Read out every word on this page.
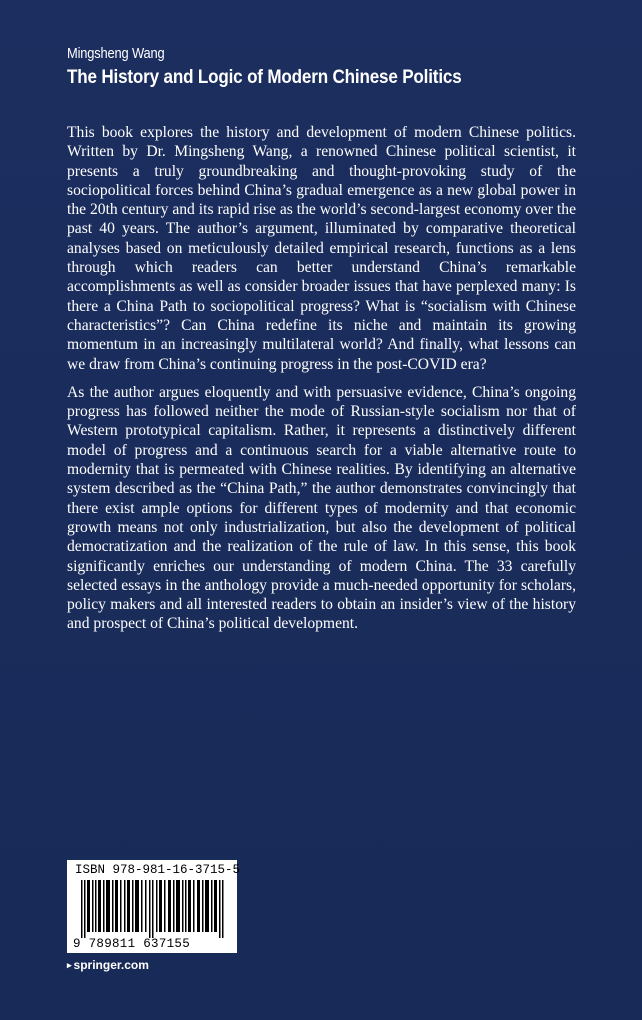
Mingsheng Wang
The History and Logic of Modern Chinese Politics

This book explores the history and development of modern Chinese politics. Written by Dr. Mingsheng Wang, a renowned Chinese political scientist, it presents a truly groundbreaking and thought-provoking study of the sociopolitical forces behind China’s gradual emergence as a new global power in the 20th century and its rapid rise as the world’s second-largest economy over the past 40 years. The author’s argument, illuminated by comparative theoretical analyses based on meticulously detailed empirical research, functions as a lens through which readers can better understand China’s remarkable accomplishments as well as consider broader issues that have perplexed many: Is there a China Path to sociopolitical progress? What is “socialism with Chinese characteristics”? Can China redefine its niche and maintain its growing momentum in an increasingly multilateral world? And finally, what lessons can we draw from China’s continuing progress in the post-COVID era?

As the author argues eloquently and with persuasive evidence, China’s ongoing progress has followed neither the mode of Russian-style socialism nor that of Western prototypical capitalism. Rather, it represents a distinctively different model of progress and a continuous search for a viable alternative route to modernity that is permeated with Chinese realities. By identifying an alternative system described as the “China Path,” the author demonstrates convincingly that there exist ample options for different types of modernity and that economic growth means not only industrialization, but also the development of political democratization and the realization of the rule of law. In this sense, this book significantly enriches our understanding of modern China. The 33 carefully selected essays in the anthology provide a much-needed opportunity for scholars, policy makers and all interested readers to obtain an insider’s view of the history and prospect of China’s political development.

ISBN 978-981-16-3715-5
9 789811 637155
▸ springer.com
